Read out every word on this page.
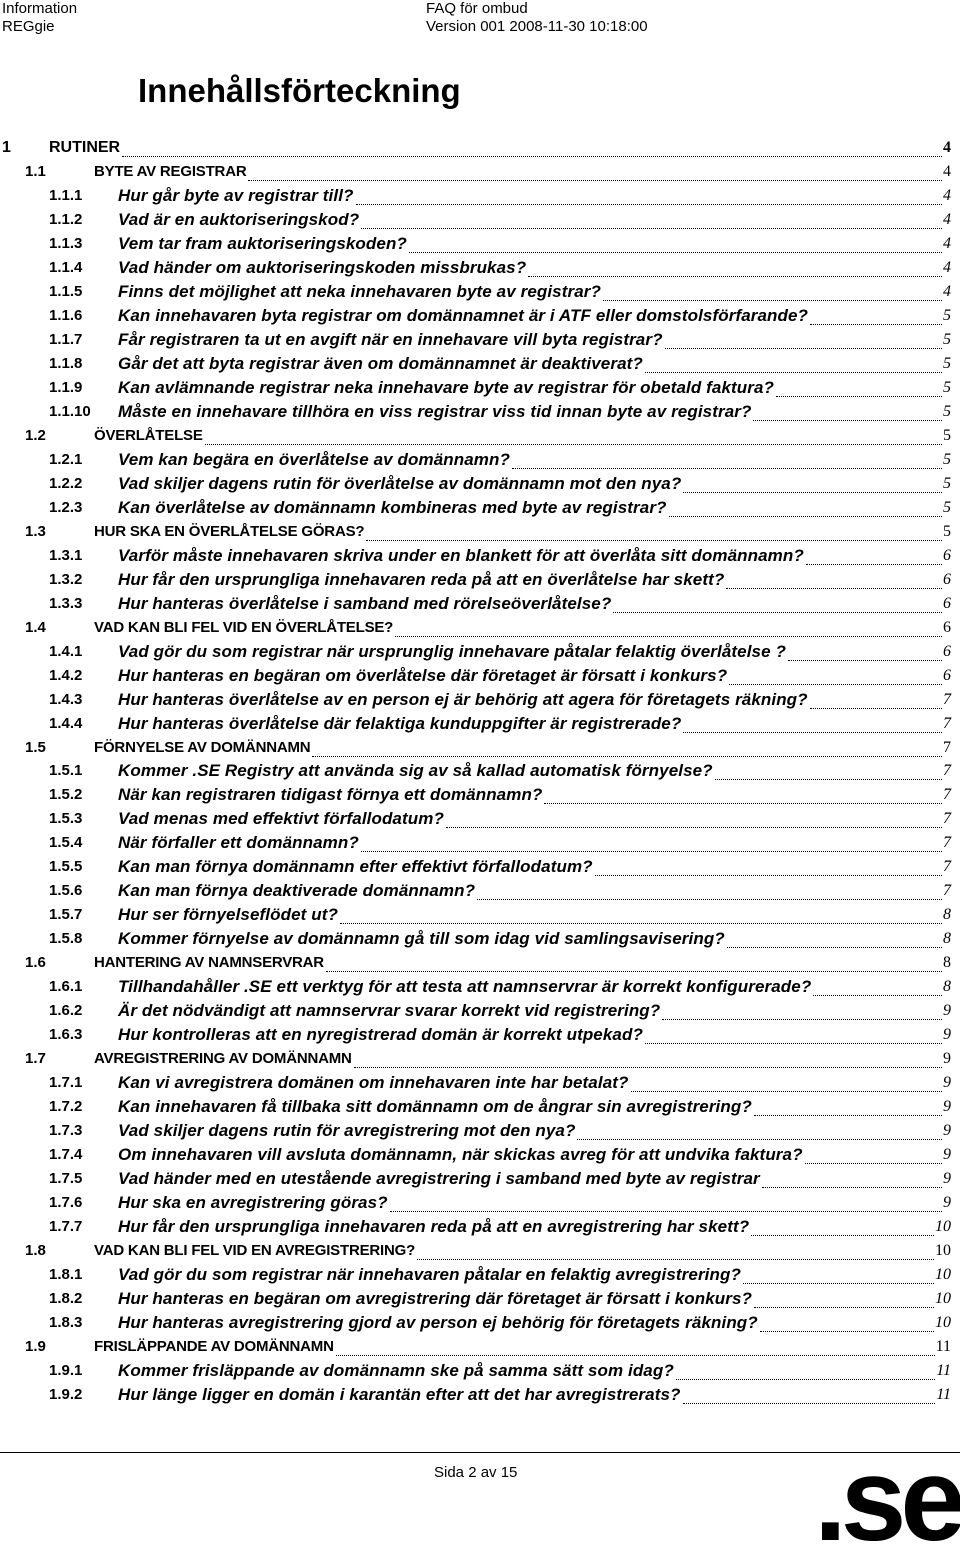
Information
REGgie
FAQ för ombud
Version 001 2008-11-30 10:18:00
Innehållsförteckning
1 RUTINER	4
1.1	BYTE AV REGISTRAR	4
1.1.1 Hur går byte av registrar till?	4
1.1.2 Vad är en auktoriseringskod?	4
1.1.3 Vem tar fram auktoriseringskoden?	4
1.1.4 Vad händer om auktoriseringskoden missbrukas?	4
1.1.5 Finns det möjlighet att neka innehavaren byte av registrar?	4
1.1.6 Kan innehavaren byta registrar om domännamnet är i ATF eller domstolsförfarande?	5
1.1.7 Får registraren ta ut en avgift när en innehavare vill byta registrar?	5
1.1.8 Går det att byta registrar även om domännamnet är deaktiverat?	5
1.1.9 Kan avlämnande registrar neka innehavare byte av registrar för obetald faktura?	5
1.1.10 Måste en innehavare tillhöra en viss registrar viss tid innan byte av registrar?	5
1.2	ÖVERLÅTELSE	5
1.2.1 Vem kan begära en överlåtelse av domännamn?	5
1.2.2 Vad skiljer dagens rutin för överlåtelse av domännamn mot den nya?	5
1.2.3 Kan överlåtelse av domännamn kombineras med byte av registrar?	5
1.3	HUR SKA EN ÖVERLÅTELSE GÖRAS?	5
1.3.1 Varför måste innehavaren skriva under en blankett för att överlåta sitt domännamn?	6
1.3.2 Hur får den ursprungliga innehavaren reda på att en överlåtelse har skett?	6
1.3.3 Hur hanteras överlåtelse i samband med rörelseöverlåtelse?	6
1.4	VAD KAN BLI FEL VID EN ÖVERLÅTELSE?	6
1.4.1 Vad gör du som registrar när ursprunglig innehavare påtalar felaktig överlåtelse ?	6
1.4.2 Hur hanteras en begäran om överlåtelse där företaget är försatt i konkurs?	6
1.4.3 Hur hanteras överlåtelse av en person ej är behörig att agera för företagets räkning?	7
1.4.4 Hur hanteras överlåtelse där felaktiga kunduppgifter är registrerade?	7
1.5	FÖRNYELSE AV DOMÄNNAMN	7
1.5.1 Kommer .SE Registry att använda sig av så kallad automatisk förnyelse?	7
1.5.2 När kan registraren tidigast förnya ett domännamn?	7
1.5.3 Vad menas med effektivt förfallodatum?	7
1.5.4 När förfaller ett domännamn?	7
1.5.5 Kan man förnya domännamn efter effektivt förfallodatum?	7
1.5.6 Kan man förnya deaktiverade domännamn?	7
1.5.7 Hur ser förnyelseflödet ut?	8
1.5.8 Kommer förnyelse av domännamn gå till som idag vid samlingsavisering?	8
1.6	HANTERING AV NAMNSERVRAR	8
1.6.1 Tillhandahåller .SE ett verktyg för att testa att namnservrar är korrekt konfigurerade?	8
1.6.2 Är det nödvändigt att namnservrar svarar korrekt vid registrering?	9
1.6.3 Hur kontrolleras att en nyregistrerad domän är korrekt utpekad?	9
1.7	AVREGISTRERING AV DOMÄNNAMN	9
1.7.1 Kan vi avregistrera domänen om innehavaren inte har betalat?	9
1.7.2 Kan innehavaren få tillbaka sitt domännamn om de ångrar sin avregistrering?	9
1.7.3 Vad skiljer dagens rutin för avregistrering mot den nya?	9
1.7.4 Om innehavaren vill avsluta domännamn, när skickas avreg för att undvika faktura?	9
1.7.5 Vad händer med en utestående avregistrering i samband med byte av registrar	9
1.7.6 Hur ska en avregistrering göras?	9
1.7.7 Hur får den ursprungliga innehavaren reda på att en avregistrering har skett?	10
1.8	VAD KAN BLI FEL VID EN AVREGISTRERING?	10
1.8.1 Vad gör du som registrar när innehavaren påtalar en felaktig avregistrering?	10
1.8.2 Hur hanteras en begäran om avregistrering där företaget är försatt i konkurs?	10
1.8.3 Hur hanteras avregistrering gjord av person ej behörig för företagets räkning?	10
1.9	FRISLÄPPANDE AV DOMÄNNAMN	11
1.9.1 Kommer frisläppande av domännamn ske på samma sätt som idag?	11
1.9.2 Hur länge ligger en domän i karantän efter att det har avregistrerats?	11
Sida 2 av 15	.se
